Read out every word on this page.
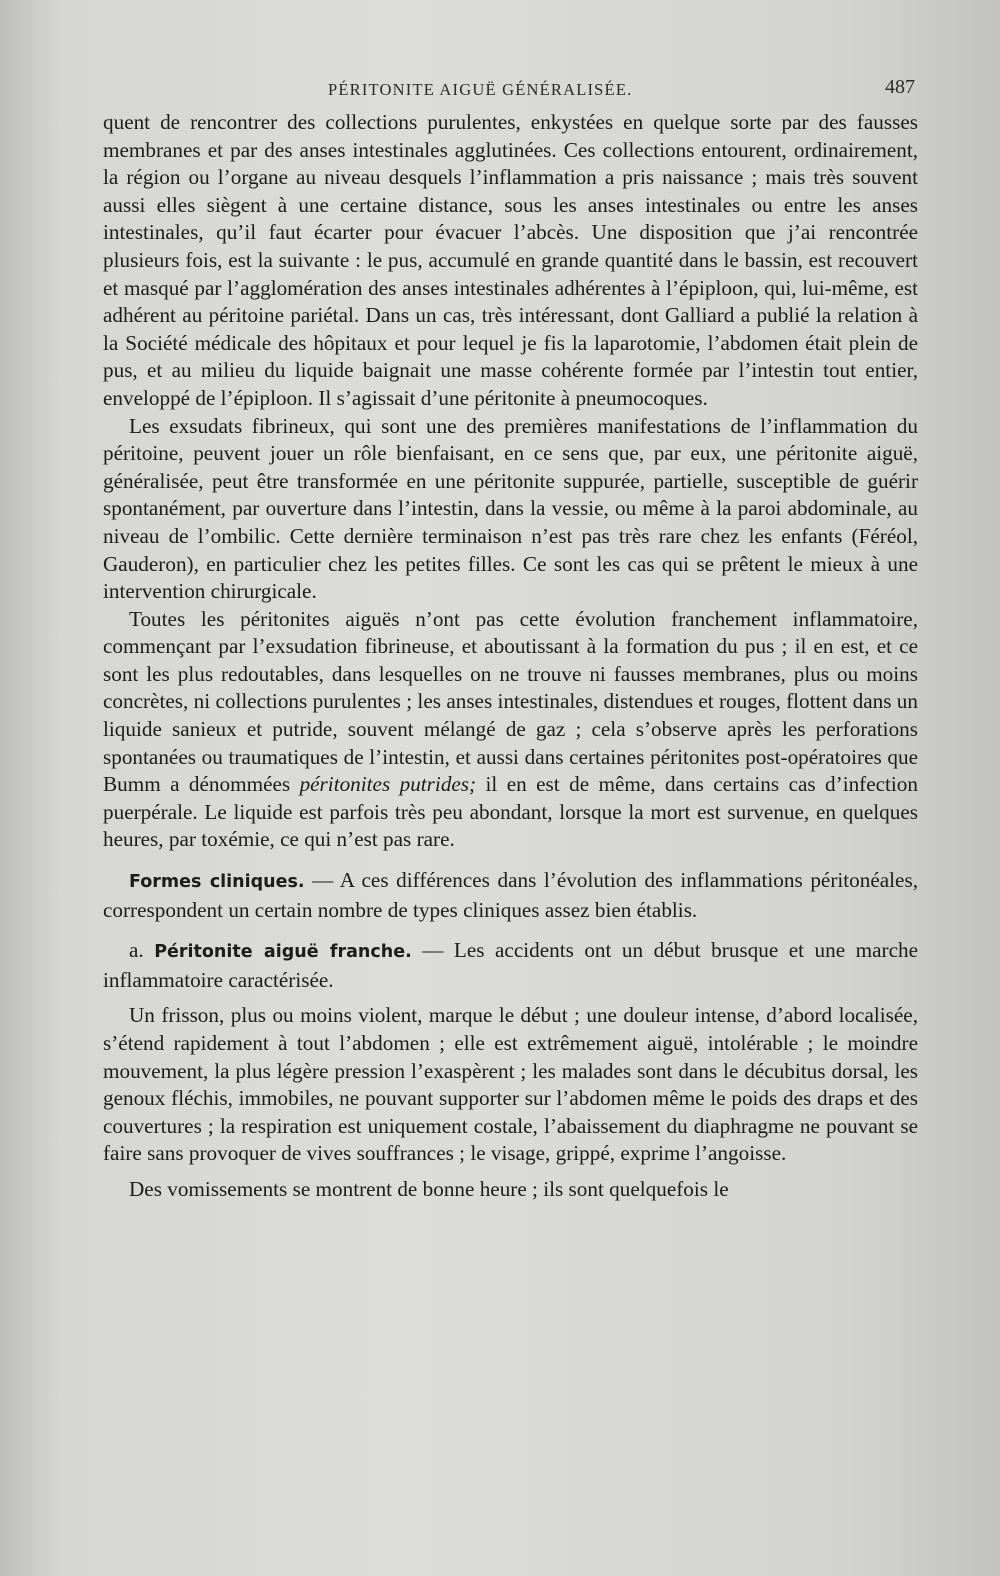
PÉRITONITE AIGUË GÉNÉRALISÉE.	487

quent de rencontrer des collections purulentes, enkystées en quelque sorte par des fausses membranes et par des anses intestinales agglutinées. Ces collections entourent, ordinairement, la région ou l’organe au niveau desquels l’inflammation a pris naissance ; mais très souvent aussi elles siègent à une certaine distance, sous les anses intestinales ou entre les anses intestinales, qu’il faut écarter pour évacuer l’abcès. Une disposition que j’ai rencontrée plusieurs fois, est la suivante : le pus, accumulé en grande quantité dans le bassin, est recouvert et masqué par l’agglomération des anses intestinales adhérentes à l’épiploon, qui, lui-même, est adhérent au péritoine pariétal. Dans un cas, très intéressant, dont Galliard a publié la relation à la Société médicale des hôpitaux et pour lequel je fis la laparotomie, l’abdomen était plein de pus, et au milieu du liquide baignait une masse cohérente formée par l’intestin tout entier, enveloppé de l’épiploon. Il s’agissait d’une péritonite à pneumocoques.

Les exsudats fibrineux, qui sont une des premières manifestations de l’inflammation du péritoine, peuvent jouer un rôle bienfaisant, en ce sens que, par eux, une péritonite aiguë, généralisée, peut être transformée en une péritonite suppurée, partielle, susceptible de guérir spontanément, par ouverture dans l’intestin, dans la vessie, ou même à la paroi abdominale, au niveau de l’ombilic. Cette dernière terminaison n’est pas très rare chez les enfants (Féréol, Gauderon), en particulier chez les petites filles. Ce sont les cas qui se prêtent le mieux à une intervention chirurgicale.

Toutes les péritonites aiguës n’ont pas cette évolution franchement inflammatoire, commençant par l’exsudation fibrineuse, et aboutissant à la formation du pus ; il en est, et ce sont les plus redoutables, dans lesquelles on ne trouve ni fausses membranes, plus ou moins concrètes, ni collections purulentes ; les anses intestinales, distendues et rouges, flottent dans un liquide sanieux et putride, souvent mélangé de gaz ; cela s’observe après les perforations spontanées ou traumatiques de l’intestin, et aussi dans certaines péritonites post-opératoires que Bumm a dénommées péritonites putrides; il en est de même, dans certains cas d’infection puerpérale. Le liquide est parfois très peu abondant, lorsque la mort est survenue, en quelques heures, par toxémie, ce qui n’est pas rare.

Formes cliniques. — A ces différences dans l’évolution des inflammations péritonéales, correspondent un certain nombre de types cliniques assez bien établis.

a. Péritonite aiguë franche. — Les accidents ont un début brusque et une marche inflammatoire caractérisée.

Un frisson, plus ou moins violent, marque le début ; une douleur intense, d’abord localisée, s’étend rapidement à tout l’abdomen ; elle est extrêmement aiguë, intolérable ; le moindre mouvement, la plus légère pression l’exaspèrent ; les malades sont dans le décubitus dorsal, les genoux fléchis, immobiles, ne pouvant supporter sur l’abdomen même le poids des draps et des couvertures ; la respiration est uniquement costale, l’abaissement du diaphragme ne pouvant se faire sans provoquer de vives souffrances ; le visage, grippé, exprime l’angoisse.

Des vomissements se montrent de bonne heure ; ils sont quelquefois le
